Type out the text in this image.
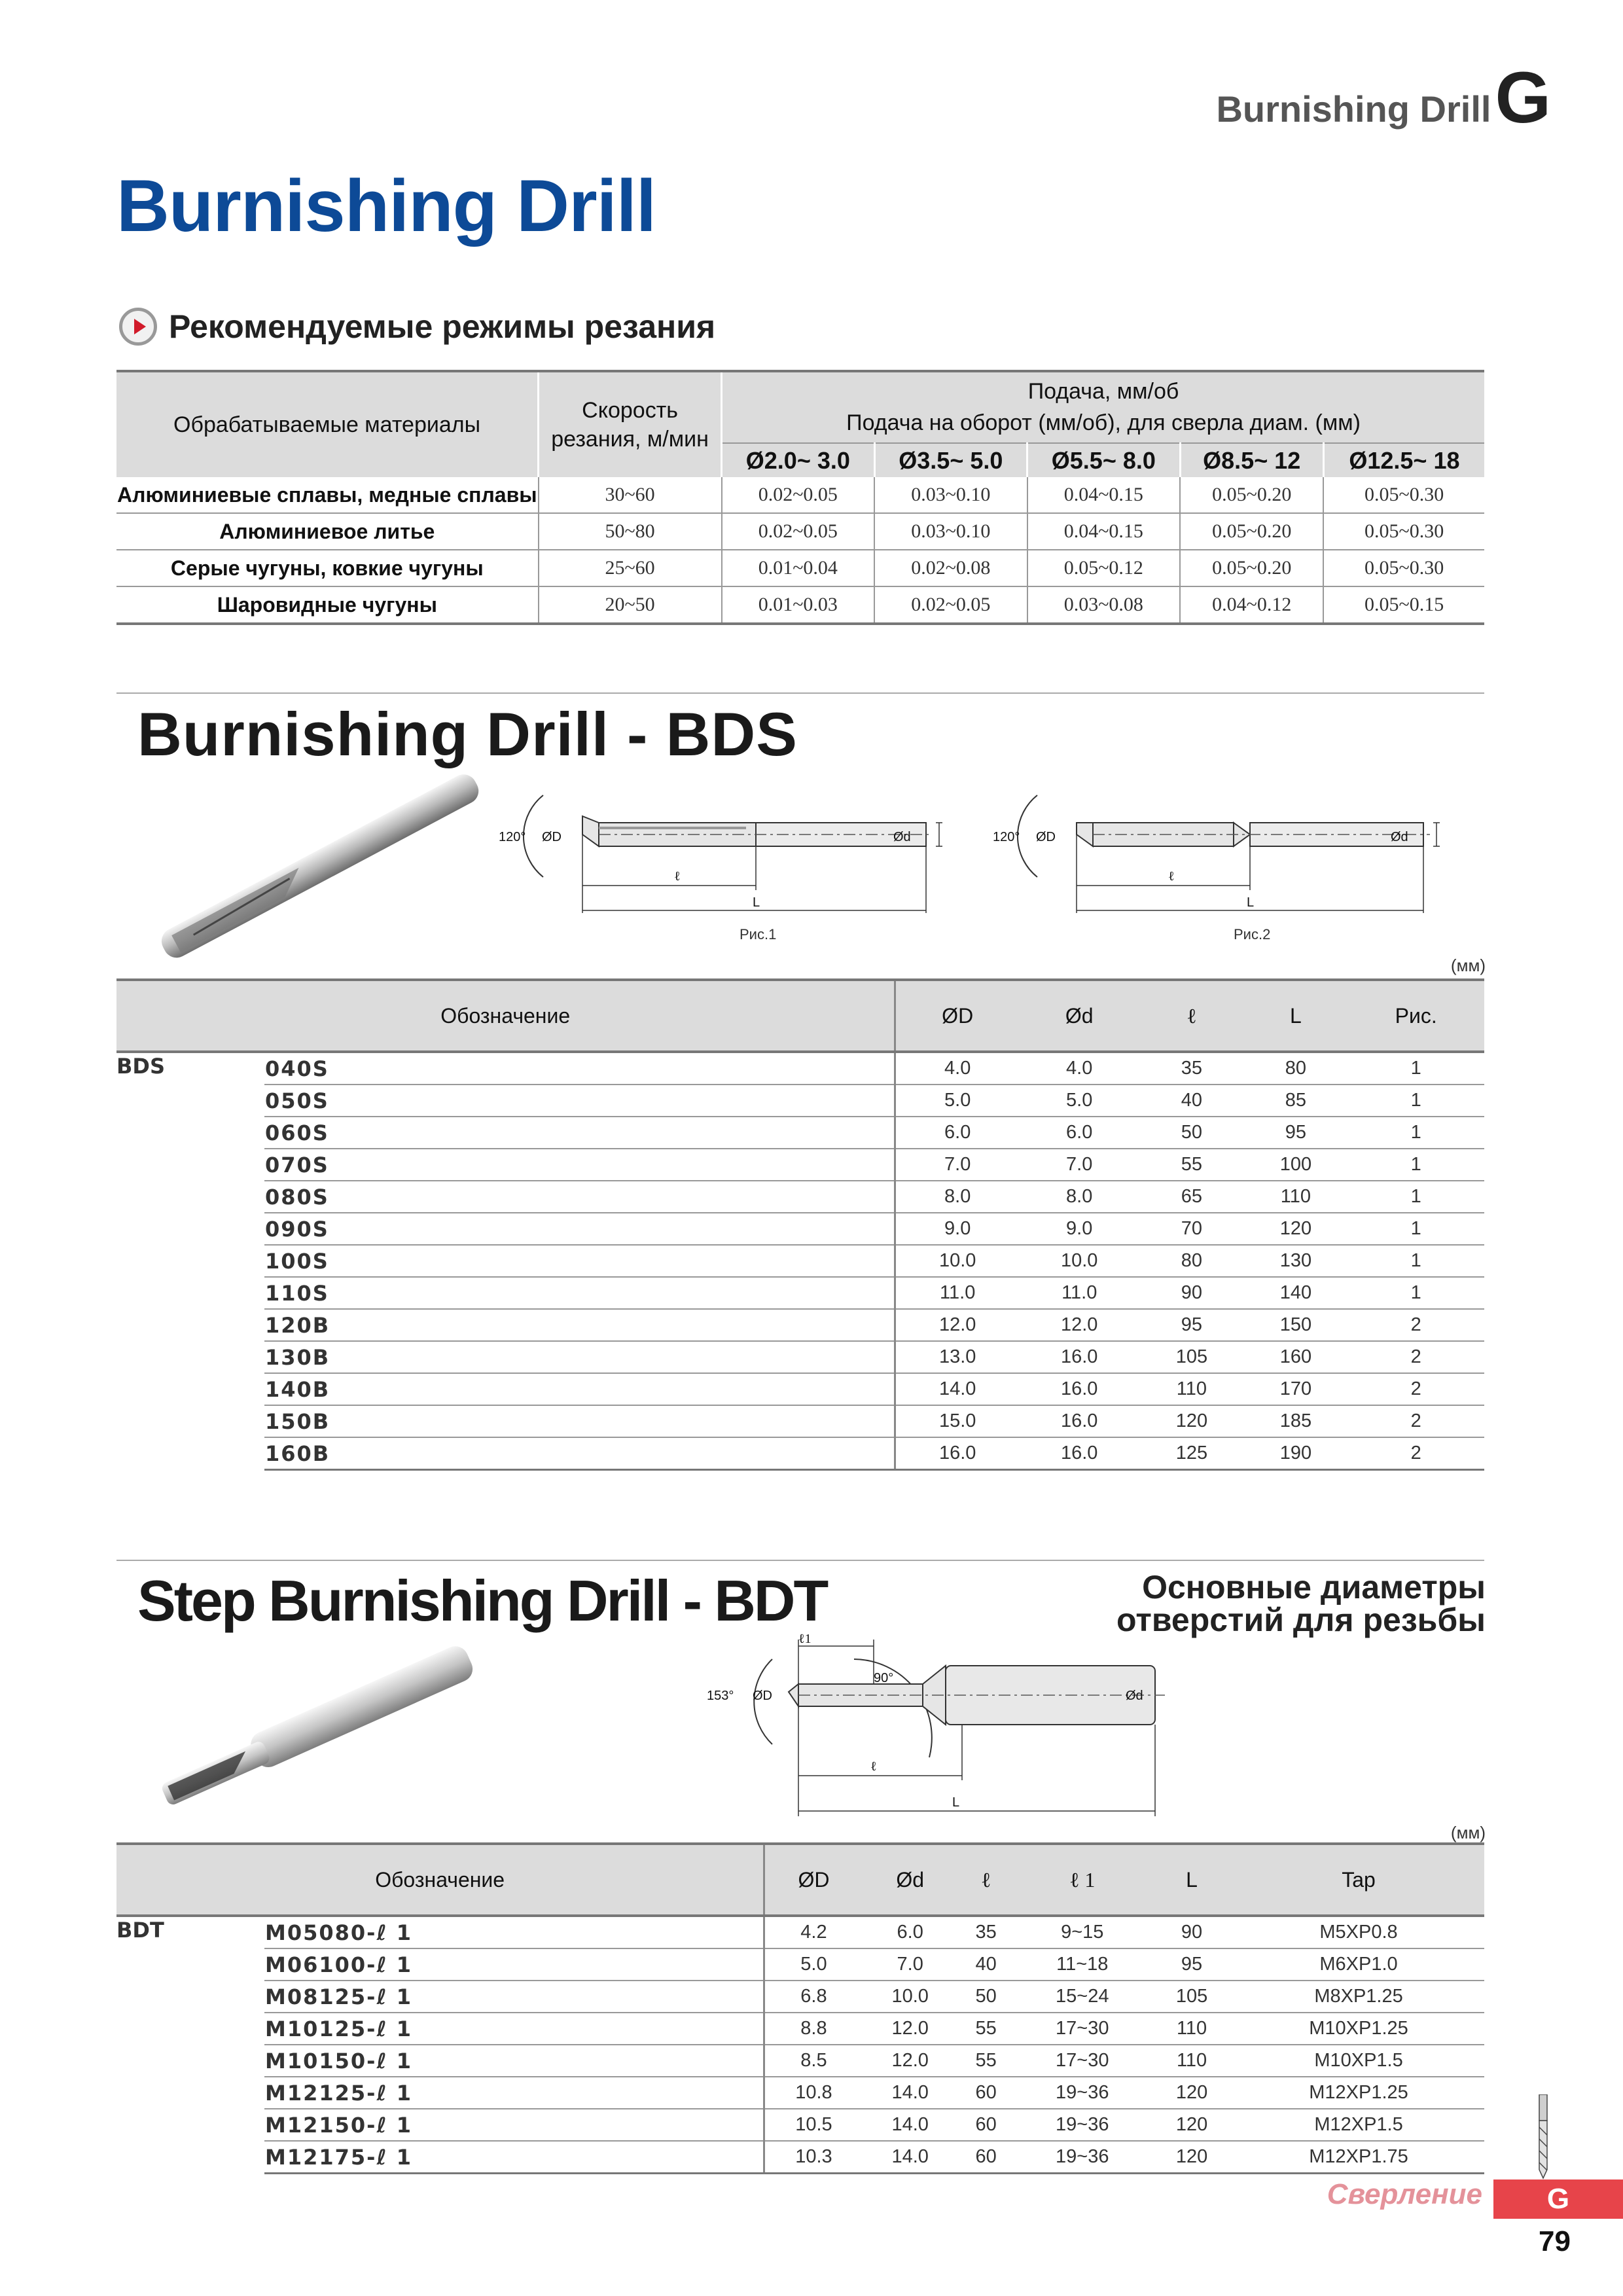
Burnishing Drill G
Burnishing Drill
Рекомендуемые режимы резания
Обрабатываемые материалы	Скорость резания, м/мин	Подача, мм/об
Подача на оборот (мм/об), для сверла диам. (мм)				

		Ø2.0~ 3.0	Ø3.5~ 5.0	Ø5.5~ 8.0	Ø8.5~ 12	Ø12.5~ 18
Алюминиевые сплавы, медные сплавы	30~60	0.02~0.05	0.03~0.10	0.04~0.15	0.05~0.20	0.05~0.30
Алюминиевое литье	50~80	0.02~0.05	0.03~0.10	0.04~0.15	0.05~0.20	0.05~0.30
Серые чугуны, ковкие чугуны	25~60	0.01~0.04	0.02~0.08	0.05~0.12	0.05~0.20	0.05~0.30
Шаровидные чугуны	20~50	0.01~0.03	0.02~0.05	0.03~0.08	0.04~0.12	0.05~0.15
Burnishing Drill - BDS
120° ØD	Ød
ℓ
L
Рис.1
120° ØD	Ød
ℓ
L
Рис.2
(мм)
Обозначение		ØD	Ød	ℓ	L	Рис.
BDS	040S	4.0	4.0	35	80	1
	050S	5.0	5.0	40	85	1
	060S	6.0	6.0	50	95	1
	070S	7.0	7.0	55	100	1
	080S	8.0	8.0	65	110	1
	090S	9.0	9.0	70	120	1
	100S	10.0	10.0	80	130	1
	110S	11.0	11.0	90	140	1
	120B	12.0	12.0	95	150	2
	130B	13.0	16.0	105	160	2
	140B	14.0	16.0	110	170	2
	150B	15.0	16.0	120	185	2
	160B	16.0	16.0	125	190	2
Step Burnishing Drill - BDT	Основные диаметры
отверстий для резьбы
ℓ1
90°
153° ØD	Ød
ℓ
L
(мм)
Обозначение		ØD	Ød	ℓ	ℓ 1	L	Tap
BDT	M05080-ℓ 1	4.2	6.0	35	9~15	90	M5XP0.8
	M06100-ℓ 1	5.0	7.0	40	11~18	95	M6XP1.0
	M08125-ℓ 1	6.8	10.0	50	15~24	105	M8XP1.25
	M10125-ℓ 1	8.8	12.0	55	17~30	110	M10XP1.25
	M10150-ℓ 1	8.5	12.0	55	17~30	110	M10XP1.5
	M12125-ℓ 1	10.8	14.0	60	19~36	120	M12XP1.25
	M12150-ℓ 1	10.5	14.0	60	19~36	120	M12XP1.5
	M12175-ℓ 1	10.3	14.0	60	19~36	120	M12XP1.75
Сверление G
79
